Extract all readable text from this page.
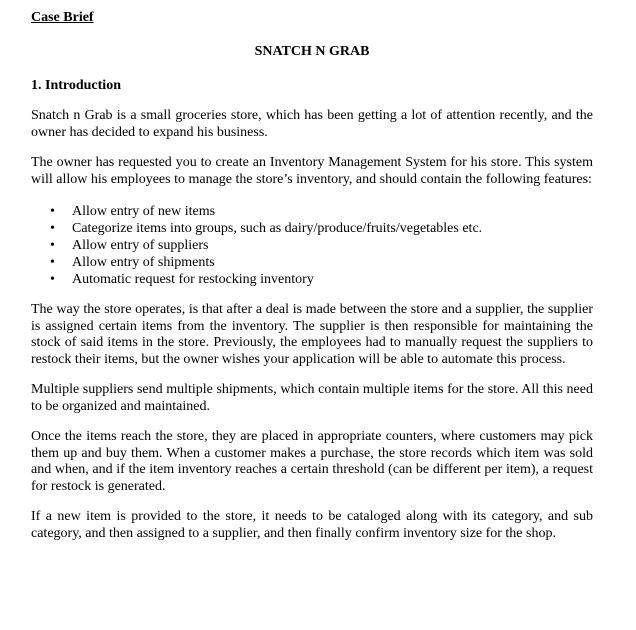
Case Brief

SNATCH N GRAB

1. Introduction

Snatch n Grab is a small groceries store, which has been getting a lot of attention recently, and the owner has decided to expand his business.

The owner has requested you to create an Inventory Management System for his store. This system will allow his employees to manage the store’s inventory, and should contain the following features:

• Allow entry of new items
• Categorize items into groups, such as dairy/produce/fruits/vegetables etc.
• Allow entry of suppliers
• Allow entry of shipments
• Automatic request for restocking inventory

The way the store operates, is that after a deal is made between the store and a supplier, the supplier is assigned certain items from the inventory. The supplier is then responsible for maintaining the stock of said items in the store. Previously, the employees had to manually request the suppliers to restock their items, but the owner wishes your application will be able to automate this process.

Multiple suppliers send multiple shipments, which contain multiple items for the store. All this need to be organized and maintained.

Once the items reach the store, they are placed in appropriate counters, where customers may pick them up and buy them. When a customer makes a purchase, the store records which item was sold and when, and if the item inventory reaches a certain threshold (can be different per item), a request for restock is generated.

If a new item is provided to the store, it needs to be cataloged along with its category, and sub category, and then assigned to a supplier, and then finally confirm inventory size for the shop.
